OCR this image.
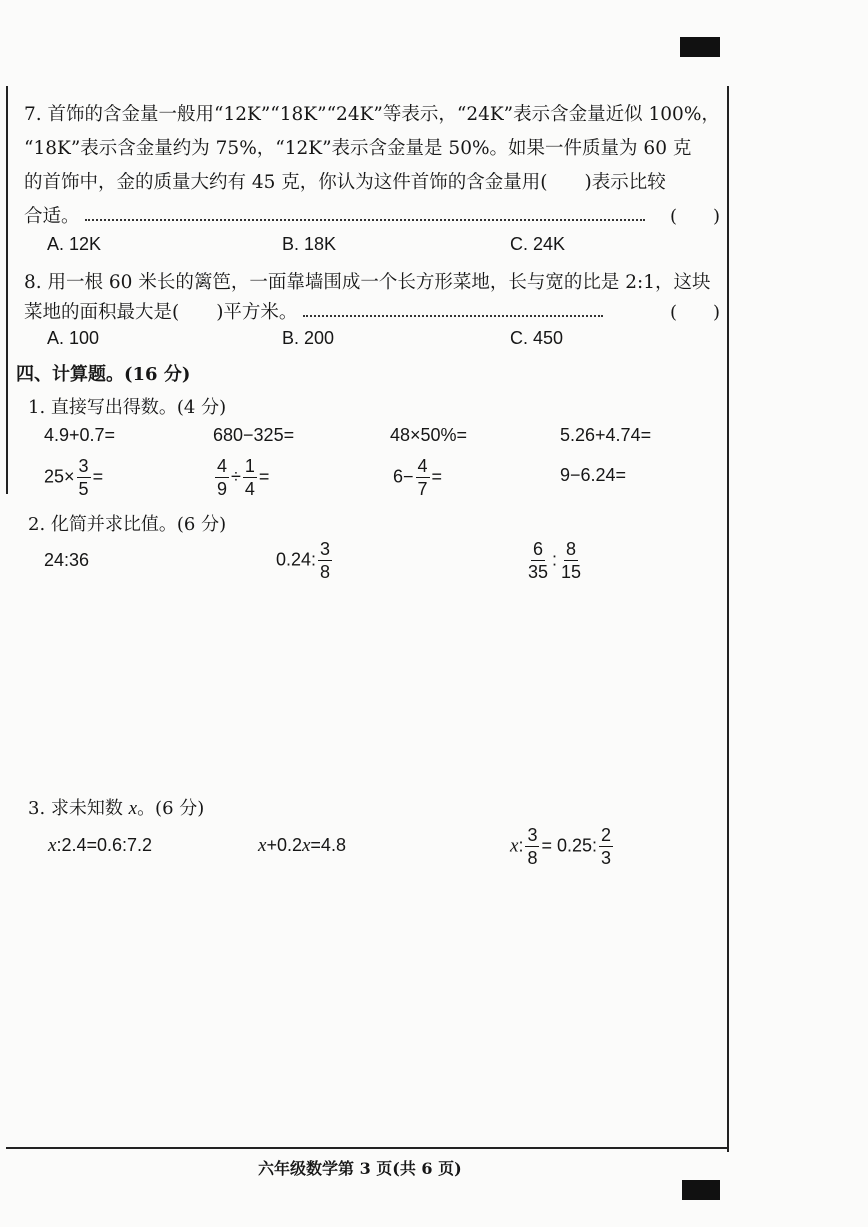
7. 首饰的含金量一般用“12K”“18K”“24K”等表示，“24K”表示含金量近似 100%，
“18K”表示含金量约为 75%，“12K”表示含金量是 50%。如果一件质量为 60 克
的首饰中，金的质量大约有 45 克，你认为这件首饰的含金量用(　　)表示比较
合适。	(　　)
A. 12K	B. 18K	C. 24K
8. 用一根 60 米长的篱笆，一面靠墙围成一个长方形菜地，长与宽的比是 2:1，这块
菜地的面积最大是(　　)平方米。	(　　)
A. 100	B. 200	C. 450
四、计算题。(16 分)
1. 直接写出得数。(4 分)
4.9+0.7=	680−325=	48×50%=	5.26+4.74=
$25\times \frac{3}{5}$ =	$\frac{4}{9} \div \frac{1}{4}$ =	$6- \frac{4}{7}$ =	9−6.24=
2. 化简并求比值。(6 分)
24:36	0.24: $\frac{3}{8}$	$\frac{6}{35}$ : $\frac{8}{15}$
3. 求未知数 x。(6 分)
x:2.4=0.6:7.2	x+0.2x=4.8	x: $\frac{3}{8} = 0.25$: $\frac{2}{3}$
六年级数学第 3 页(共 6 页)
